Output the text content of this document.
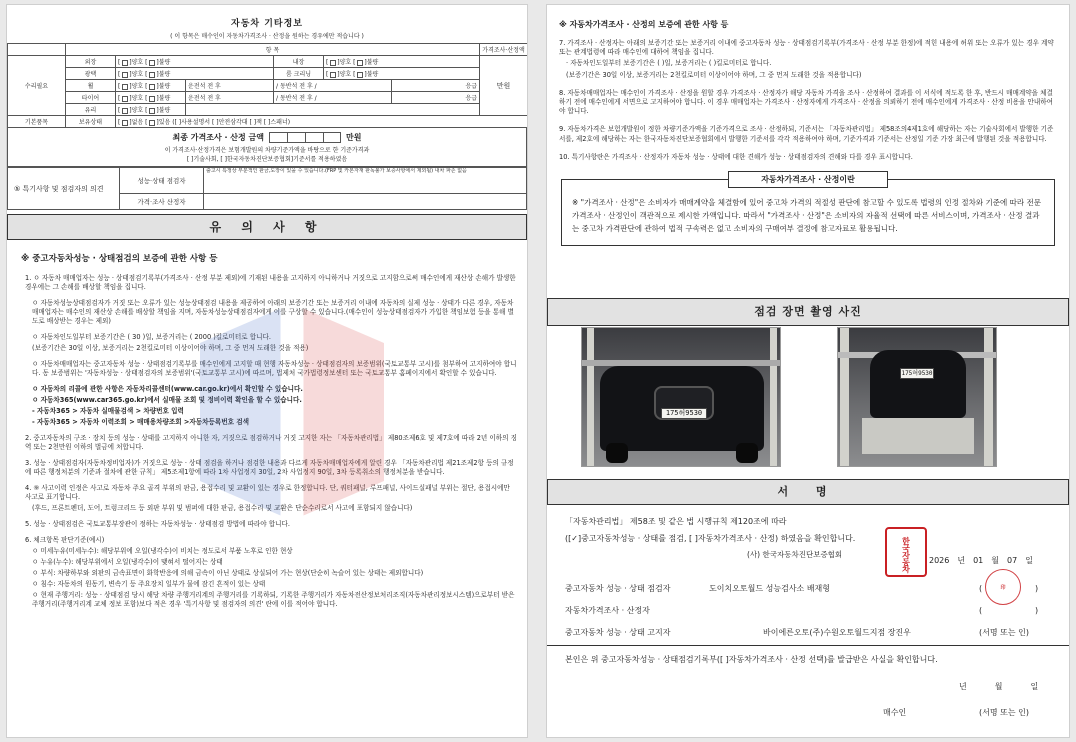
자동차 기타정보
( 이 항목은 매수인이 자동차가격조사 · 산정을 원하는 경우에만 적습니다 )
	항 목						가격조사·산정액
수리필요	외장	[ ]양호 [ ]불량		내장	[ ]양호 [ ]불량		만원
	광택	[ ]양호 [ ]불량		룸 크리닝	[ ]양호 [ ]불량		
	휠	[ ]양호 [ ]불량	운전석 전 후	/ 동반석 전 후 /		응급	
	타이어	[ ]양호 [ ]불량	운전석 전 후	/ 동반석 전 후 /		응급	
	유리	[ ]양호 [ ]불량					
기본품목	보유상태	[ ]없음 [ ]있음 ([ ]사용설명서 [ ]안전삼각대 [ ]잭 [ ]스패너)					
최종 가격조사 · 산정 금액	만원
이 가격조사·산정가격은 보험개발원의 차량기준가액을 바탕으로 한 기준가격과
[ ]기술사회, [ ]한국자동차진단보증협회]기준서를 적용하였음
⑤ 특기사항 및 점검자의 의견	성능·상태 점검자	출고시 특정상 부분적인 판금,도장이 있을 수 있습니다.(FRP 및 카본자재 판독불가 보증사항에서 제외됨) 내차 파손 없음
	가격·조사 산정자	
유 의 사 항
※ 중고자동차성능 · 상태점검의 보증에 관한 사항 등
1. ㅇ 자동차 매매업자는 성능 · 상태점검기록부(가격조사 · 산정 부분 제외)에 기재된 내용을 고지하지 아니하거나 거짓으로 고지함으로써 매수인에게 재산상 손해가 발생한 경우에는 그 손해를 배상할 책임을 집니다.
ㅇ 자동차성능상태점검자가 거짓 또는 오류가 있는 성능상태점검 내용을 제공하여 아래의 보증기간 또는 보증거리 이내에 자동차의 실제 성능 · 상태가 다른 경우, 자동차매매업자는 매수인의 재산상 손해를 배상할 책임을 지며, 자동차성능상태점검자에게 이를 구상할 수 있습니다.(매수인이 성능상태점검자가 가입한 책임보험 등을 통해 별도로 배상받는 경우는 제외)
ㅇ 자동차인도일부터 보증기간은 ( 30 )일, 보증거리는 ( 2000 )킬로미터로 합니다.
(보증기간은 30일 이상, 보증거리는 2천킬로미터 이상이어야 하며, 그 중 먼저 도래한 것을 적용)
ㅇ 자동차매매업자는 중고자동차 성능 · 상태점검기록부를 매수인에게 고지할 때 현행 자동차성능 · 상태점검자의 보증범위(국토교통부 고시)를 첨부하여 고지하여야 합니다. 동 보증범위는 '자동차성능 · 상태점검자의 보증범위'(국토교통부 고시)에 따르며, 법제처 국가법령정보센터 또는 국토교통부 홈페이지에서 확인할 수 있습니다.
ㅇ 자동차의 리콜에 관한 사항은 자동차리콜센터(www.car.go.kr)에서 확인할 수 있습니다.
ㅇ 자동차365(www.car365.go.kr)에서 실매물 조회 및 정비이력 확인을 할 수 있습니다.
- 자동차365 > 자동차 실매물검색 > 차량번호 입력
- 자동차365 > 자동차 이력조회 > 매매용차량조회 >자동차등록번호 검색
2. 중고자동차의 구조 · 장치 등의 성능 · 상태를 고지하지 아니한 자, 거짓으로 점검하거나 거짓 고지한 자는 「자동차관리법」 제80조제6호 및 제7호에 따라 2년 이하의 징역 또는 2천만원 이하의 벌금에 처합니다.
3. 성능 · 상태점검자(자동차정비업자)가 거짓으로 성능 · 상태 점검을 하거나 점검한 내용과 다르게 자동차매매업자에게 알린 경우 「자동차관리법 제21조제2항 등의 규정에 따른 행정처분의 기준과 절차에 관한 규칙」 제5조제1항에 따라 1차 사업정지 30일, 2차 사업정지 90일, 3차 등록취소의 행정처분을 받습니다.
4. ⑨ 사고이력 인정은 사고로 자동차 주요 골격 부위의 판금, 용접수리 및 교환이 있는 경우로 한정합니다. 단, 쿼터패널, 루프패널, 사이드실패널 부위는 절단, 용접시에만 사고로 표기합니다.
(후드, 프론트펜더, 도어, 트렁크리드 등 외판 부위 및 범퍼에 대한 판금, 용접수리 및 교환은 단순수리로서 사고에 포함되지 않습니다)
5. 성능 · 상태점검은 국토교통부장관이 정하는 자동차성능 · 상태점검 방법에 따라야 합니다.
6. 체크항목 판단기준(예시)
ㅇ 미세누유(미세누수): 해당부위에 오일(냉각수)이 비치는 정도로서 부품 노후로 인한 현상
ㅇ 누유(누수): 해당부위에서 오일(냉각수)이 맺혀서 떨어지는 상태
ㅇ 부식: 차량하부와 외판의 금속표면이 화학반응에 의해 금속이 아닌 상태로 상실되어 가는 현상(단순히 녹슬어 있는 상태는 제외합니다)
ㅇ 침수: 자동차의 원동기, 변속기 등 주요장치 일부가 물에 잠긴 흔적이 있는 상태
ㅇ 현재 주행거리: 성능 · 상태점검 당시 해당 차량 주행거리계의 주행거리를 기록하되, 기록한 주행거리가 자동차전산정보처리조직(자동차관리정보시스템)으로부터 받은 주행거리(주행거리계 교체 정보 포함)보다 적은 경우 '특기사항 및 점검자의 의견' 란에 이를 적어야 합니다.
※ 자동차가격조사 · 산정의 보증에 관한 사항 등
7. 가격조사 · 산정자는 아래의 보증기간 또는 보증거리 이내에 중고자동차 성능 · 상태점검기록부(가격조사 · 산정 부분 한정)에 적힌 내용에 허위 또는 오류가 있는 경우 계약 또는 관계법령에 따라 매수인에 대하여 책임을 집니다.
· 자동차인도일부터 보증기간은 ( )일, 보증거리는 ( )킬로미터로 합니다.
(보증기간은 30일 이상, 보증거리는 2천킬로미터 이상이어야 하며, 그 중 먼저 도래한 것을 적용합니다)
8. 자동차매매업자는 매수인이 가격조사 · 산정을 원할 경우 가격조사 · 산정자가 해당 자동차 가격을 조사 · 산정하여 결과를 이 서식에 적도록 한 후, 반드시 매매계약을 체결하기 전에 매수인에게 서면으로 고지하여야 합니다. 이 경우 매매업자는 가격조사 · 산정자에게 가격조사 · 산정을 의뢰하기 전에 매수인에게 가격조사 · 산정 비용을 안내하여야 합니다.
9. 자동차가격은 보험개발원이 정한 차량기준가액을 기준가격으로 조사 · 산정하되, 기준서는 「자동차관리법」 제58조의4제1호에 해당하는 자는 기술사회에서 발행한 기준서를, 제2호에 해당하는 자는 한국자동차진단보증협회에서 발행한 기준서를 각각 적용하여야 하며, 기준가격과 기준서는 산정일 기준 가장 최근에 발행된 것을 적용합니다.
10. 특기사항란은 가격조사 · 산정자가 자동차 성능 · 상태에 대한 견해가 성능 · 상태점검자의 견해와 다를 경우 표시합니다.
자동차가격조사 · 산정이란
※ "가격조사 · 산정"은 소비자가 매매계약을 체결함에 있어 중고차 가격의 적절성 판단에 참고할 수 있도록 법령의 인정 절차와 기준에 따라 전문 가격조사 · 산정인이 객관적으로 제시한 가액입니다. 따라서 "가격조사 · 산정"은 소비자의 자율적 선택에 따른 서비스이며, 가격조사 · 산정 결과는 중고차 가격판단에 관하여 법적 구속력은 없고 소비자의 구매여부 결정에 참고자료로 활용됩니다.
점검 장면 촬영 사진
175허9530
175허9530
서 명
「자동차관리법」 제58조 및 같은 법 시행규칙 제120조에 따라
([✓]중고자동차성능 · 상태를 점검, [ ]자동차가격조사 · 산정) 하였음을 확인합니다.
(사) 한국자동차진단보증협회
2026 년 01 월 07 일
한국자동차
중고자동차 성능 · 상태 점검자	도이치오토월드 성능검사소 배재형	(	)
印
자동차가격조사 · 산정자	(	)
중고자동차 성능 · 상태 고지자	바이에른오토(주)수원오토월드지점 장진우	(서명 또는 인)
본인은 위 중고자동차성능 · 상태점검기록부([ ]자동차가격조사 · 산정 선택)를 발급받은 사실을 확인합니다.
년	월	일
매수인	(서명 또는 인)
